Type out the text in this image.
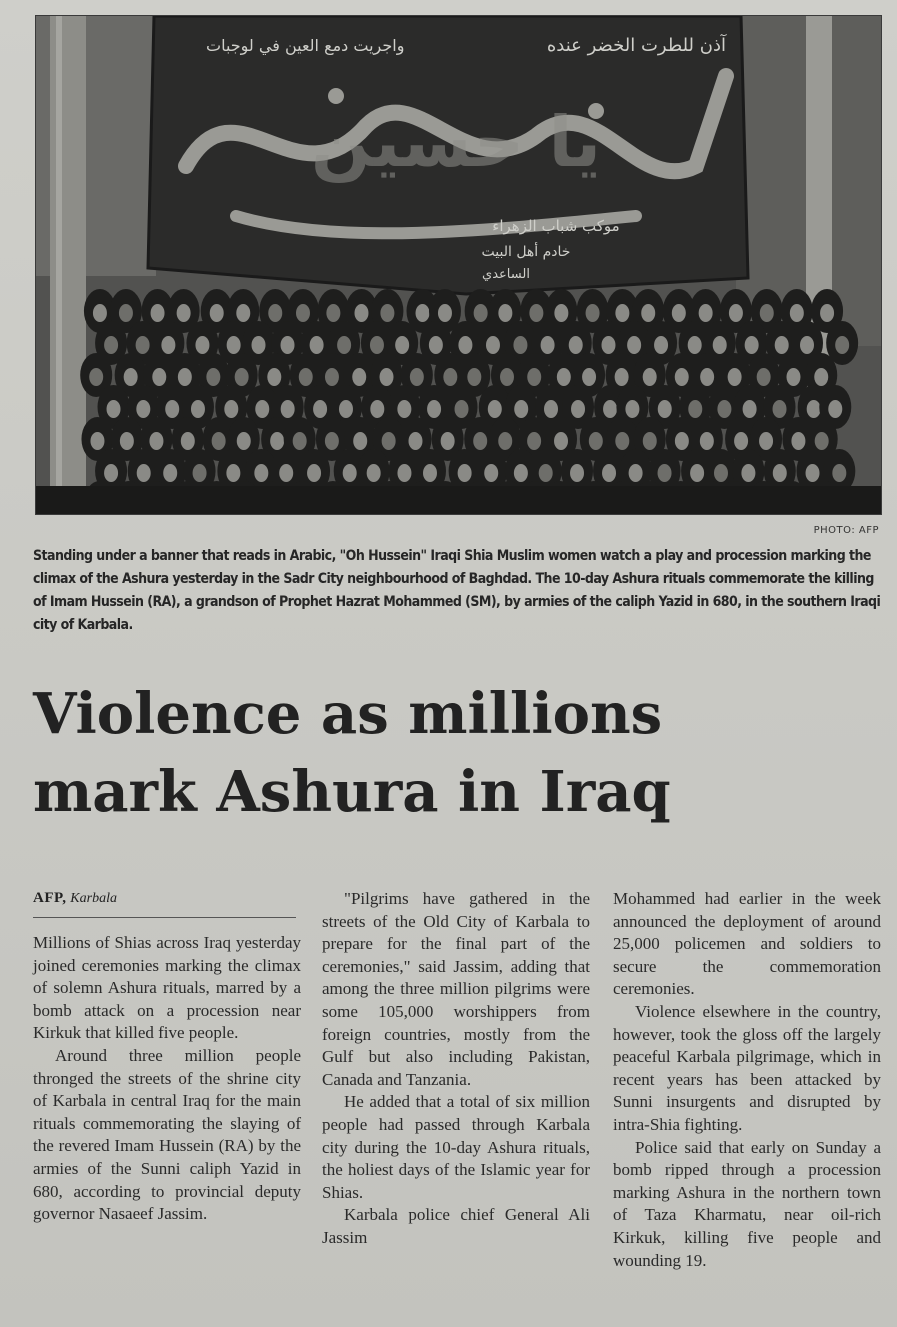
آذن للطرت الخضر عنده
واجريت دمع العين في لوجبات
يا حسين
موكب شباب الزهراء
خادم أهل البيت
الساعدي
PHOTO: AFP
Standing under a banner that reads in Arabic, "Oh Hussein" Iraqi Shia Muslim women watch a play and procession marking the climax of the Ashura yesterday in the Sadr City neighbourhood of Baghdad. The 10-day Ashura rituals commemorate the killing of Imam Hussein (RA), a grandson of Prophet Hazrat Mohammed (SM), by armies of the caliph Yazid in 680, in the southern Iraqi city of Karbala.
Violence as millions
mark Ashura in Iraq
AFP, Karbala

Millions of Shias across Iraq yesterday joined ceremonies marking the climax of solemn Ashura rituals, marred by a bomb attack on a procession near Kirkuk that killed five people.

Around three million people thronged the streets of the shrine city of Karbala in central Iraq for the main rituals commemorating the slaying of the revered Imam Hussein (RA) by the armies of the Sunni caliph Yazid in 680, according to provincial deputy governor Nasaeef Jassim.

"Pilgrims have gathered in the streets of the Old City of Karbala to prepare for the final part of the ceremonies," said Jassim, adding that among the three million pilgrims were some 105,000 worshippers from foreign countries, mostly from the Gulf but also including Pakistan, Canada and Tanzania.

He added that a total of six million people had passed through Karbala city during the 10-day Ashura rituals, the holiest days of the Islamic year for Shias.

Karbala police chief General Ali Jassim

Mohammed had earlier in the week announced the deployment of around 25,000 policemen and soldiers to secure the commemoration ceremonies.

Violence elsewhere in the country, however, took the gloss off the largely peaceful Karbala pilgrimage, which in recent years has been attacked by Sunni insurgents and disrupted by intra-Shia fighting.

Police said that early on Sunday a bomb ripped through a procession marking Ashura in the northern town of Taza Kharmatu, near oil-rich Kirkuk, killing five people and wounding 19.
